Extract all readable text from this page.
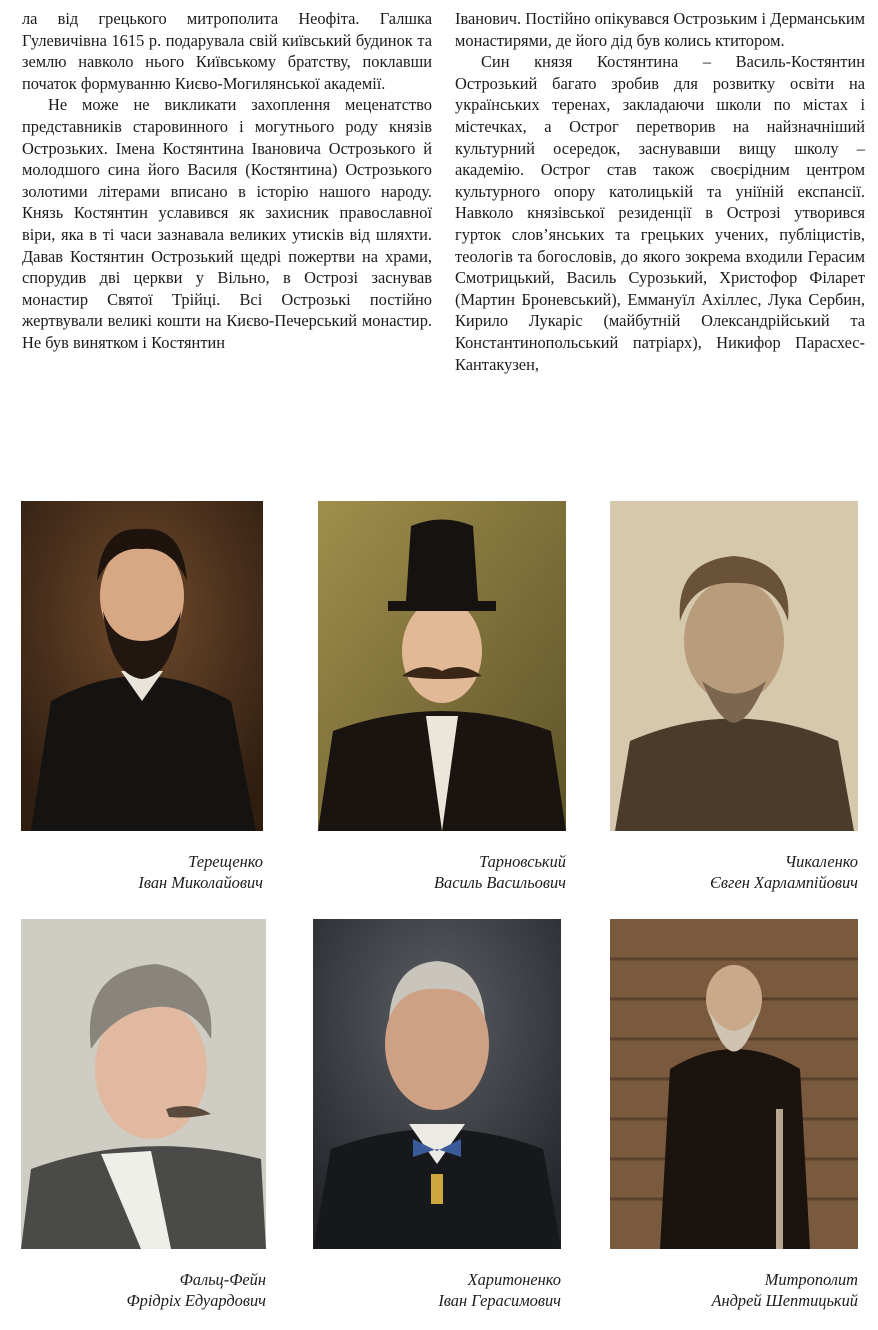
ла від грецького митрополита Неофіта. Галшка Гулевичівна 1615 р. подарувала свій київський будинок та землю навколо нього Київському братству, поклавши початок формуванню Києво-Могилянської академії.

Не може не викликати захоплення меценатство представників старовинного і могутнього роду князів Острозьких. Імена Костянтина Івановича Острозького й молодшого сина його Василя (Костянтина) Острозького золотими літерами вписано в історію нашого народу. Князь Костянтин уславився як захисник православної віри, яка в ті часи зазнавала великих утисків від шляхти. Давав Костянтин Острозький щедрі пожертви на храми, спорудив дві церкви у Вільно, в Острозі заснував монастир Святої Трійці. Всі Острозькі постійно жертвували великі кошти на Києво-Печерський монастир. Не був винятком і Костянтин

Іванович. Постійно опікувався Острозьким і Дерманським монастирями, де його дід був колись ктитором.

Син князя Костянтина – Василь-Костянтин Острозький багато зробив для розвитку освіти на українських теренах, закладаючи школи по містах і містечках, а Острог перетворив на найзначніший культурний осередок, заснувавши вищу школу – академію. Острог став також своєрідним центром культурного опору католицькій та уніїній експансії. Навколо князівської резиденції в Острозі утворився гурток слов’янських та грецьких учених, публіцистів, теологів та богословів, до якого зокрема входили Герасим Смотрицький, Василь Сурозький, Христофор Філарет (Мартин Броневський), Еммануїл Ахіллес, Лука Сербин, Кирило Лукаріс (майбутній Олександрійський та Константинопольський патріарх), Никифор Парасхес-Кантакузен,

Терещенко
Іван Миколайович
Тарновський
Василь Васильович
Чикаленко
Євген Харлампійович
Фальц-Фейн
Фрідріх Едуардович
Харитоненко
Іван Герасимович
Митрополит
Андрей Шептицький
